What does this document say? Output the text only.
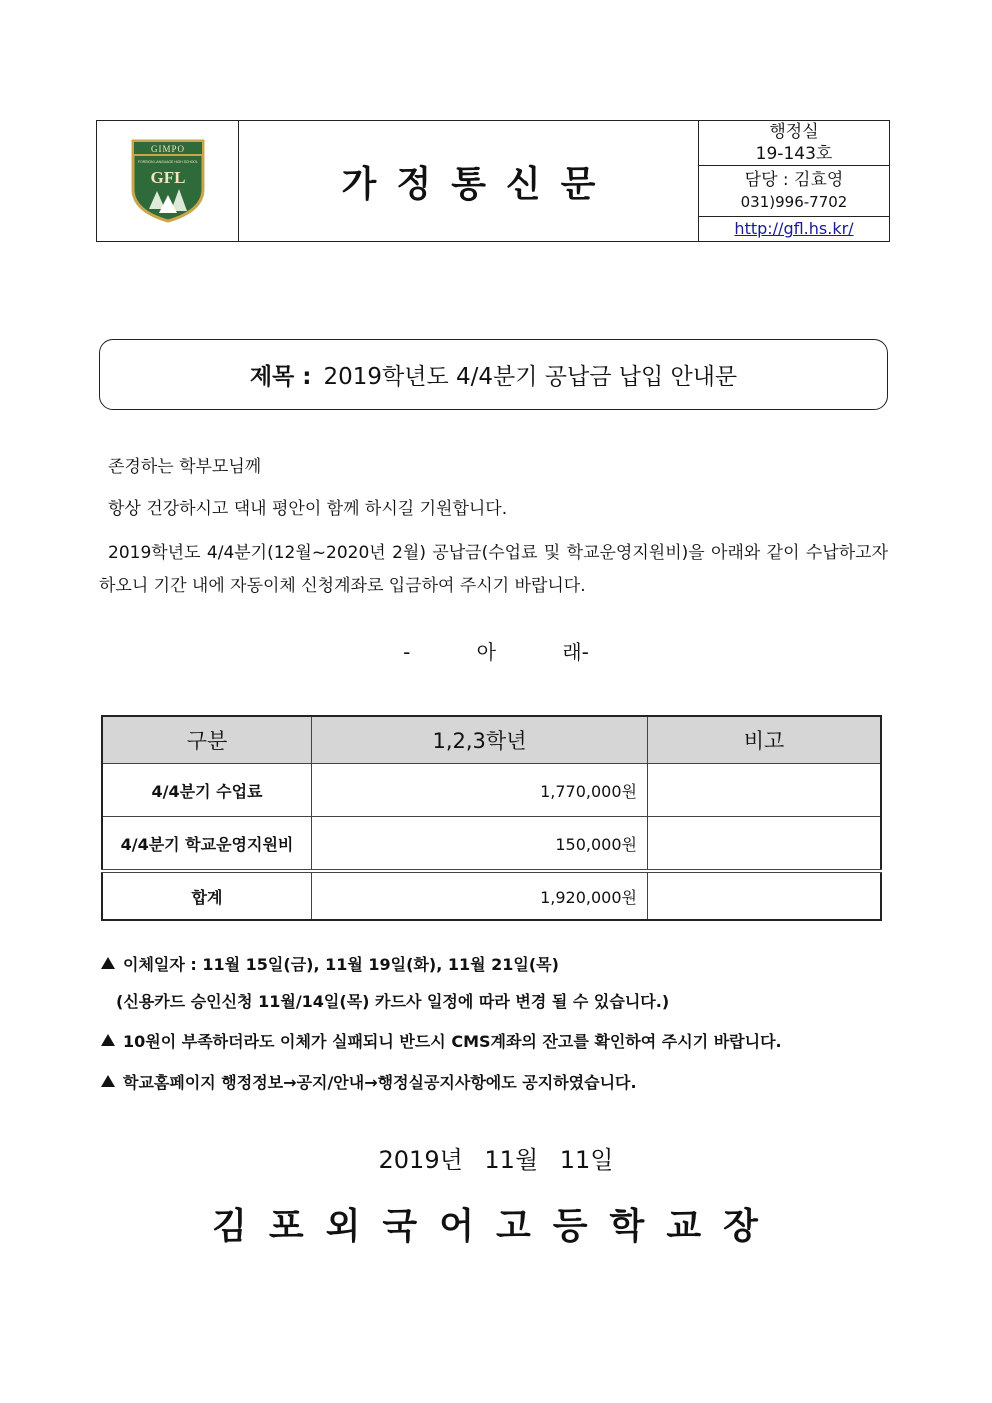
GIMPO
FOREIGN LANGUAGE HIGH SCHOOL
GFL	가정통신문
행정실
19-143호
담당 : 김효영
031)996-7702
http://gfl.hs.kr/
제목 : 2019학년도 4/4분기 공납금 납입 안내문
존경하는 학부모님께
항상 건강하시고 댁내 평안이 함께 하시길 기원합니다.
2019학년도 4/4분기(12월~2020년 2월) 공납금(수업료 및 학교운영지원비)을 아래와 같이 수납하고자 하오니 기간 내에 자동이체 신청계좌로 입금하여 주시기 바랍니다.
- 아 래-
구분	1,2,3학년	비고
4/4분기 수업료	1,770,000원	
4/4분기 학교운영지원비	150,000원	
합계	1,920,000원	
이체일자 : 11월 15일(금), 11월 19일(화), 11월 21일(목)
(신용카드 승인신청 11월/14일(목) 카드사 일정에 따라 변경 될 수 있습니다.)
10원이 부족하더라도 이체가 실패되니 반드시 CMS계좌의 잔고를 확인하여 주시기 바랍니다.
학교홈페이지 행정정보→공지/안내→행정실공지사항에도 공지하였습니다.
2019년 11월 11일
김포외국어고등학교장
